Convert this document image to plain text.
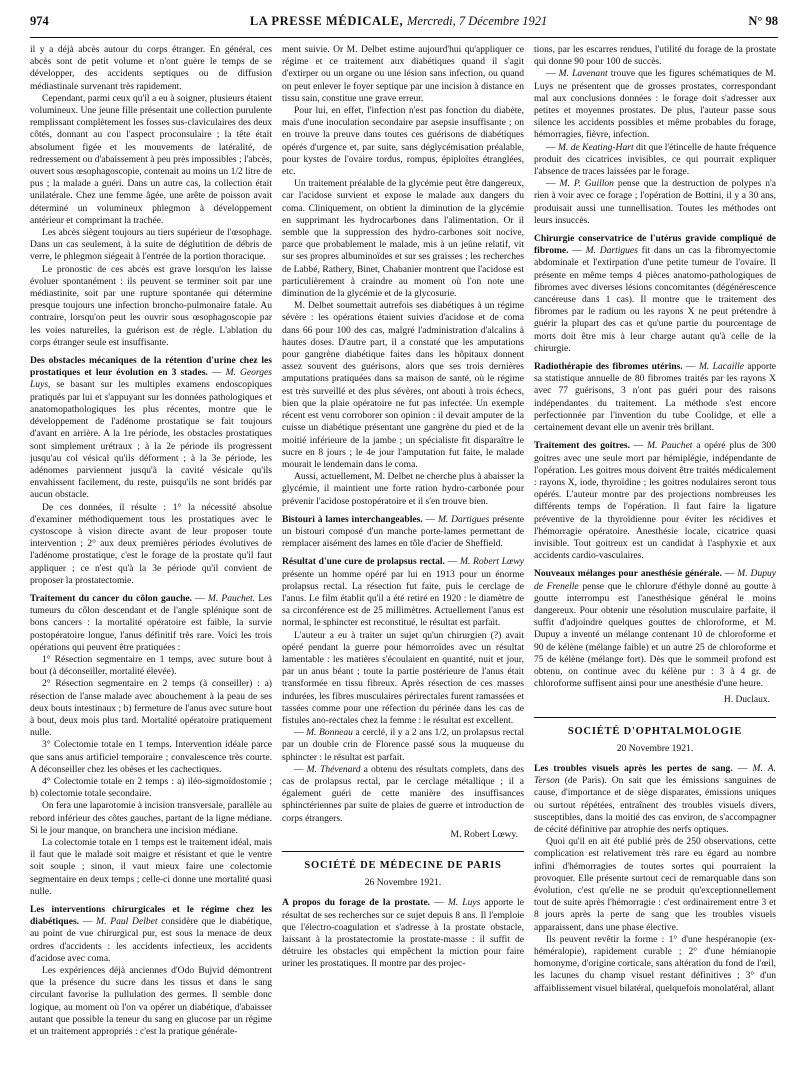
974	LA PRESSE MÉDICALE, Mercredi, 7 Décembre 1921	N° 98

il y a déjà abcès autour du corps étranger. En général, ces abcès sont de petit volume et n'ont guère le temps de se développer, des accidents septiques ou de diffusion médiastinale survenant très rapidement.

Cependant, parmi ceux qu'il a eu à soigner, plusieurs étaient volumineux. Une jeune fille présentait une collection purulente remplissant complètement les fosses sus-claviculaires des deux côtés, donnant au cou l'aspect proconsulaire ; la tête était absolument figée et les mouvements de latéralité, de redressement ou d'abaissement à peu près impossibles ; l'abcès, ouvert sous œsophagoscopie, contenait au moins un 1/2 litre de pus ; la malade a guéri. Dans un autre cas, la collection était unilatérale. Chez une femme âgée, une arête de poisson avait déterminé un volumineux phlegmon à développement antérieur et comprimant la trachée.

Les abcès siègent toujours au tiers supérieur de l'œsophage. Dans un cas seulement, à la suite de déglutition de débris de verre, le phlegmon siégeait à l'entrée de la portion thoracique.

Le pronostic de ces abcès est grave lorsqu'on les laisse évoluer spontanément : ils peuvent se terminer soit par une médiastinite, soit par une rupture spontanée qui détermine presque toujours une infection broncho-pulmonaire fatale. Au contraire, lorsqu'on peut les ouvrir sous œsophagoscopie par les voies naturelles, la guérison est de règle. L'ablation du corps étranger seule est insuffisante.

Des obstacles mécaniques de la rétention d'urine chez les prostatiques et leur évolution en 3 stades. — M. Georges Luys, se basant sur les multiples examens endoscopiques pratiqués par lui et s'appuyant sur les données pathologiques et anatomopathologiques les plus récentes, montre que le développement de l'adénome prostatique se fait toujours d'avant en arrière. A la 1re période, les obstacles prostatiques sont simplement urétraux ; à la 2e période ils progressent jusqu'au col vésical qu'ils déforment ; à la 3e période, les adénomes parviennent jusqu'à la cavité vésicale qu'ils envahissent facilement, du reste, puisqu'ils ne sont bridés par aucun obstacle.

De ces données, il résulte : 1° la nécessité absolue d'examiner méthodiquement tous les prostatiques avec le cystoscope à vision directe avant de leur proposer toute intervention ; 2° aux deux premières périodes évolutives de l'adénome prostatique, c'est le forage de la prostate qu'il faut appliquer ; ce n'est qu'à la 3e période qu'il convient de proposer la prostatectomie.

Traitement du cancer du côlon gauche. — M. Pauchet. Les tumeurs du côlon descendant et de l'angle splénique sont de bons cancers : la mortalité opératoire est faible, la survie postopératoire longue, l'anus définitif très rare. Voici les trois opérations qui peuvent être pratiquées :

1° Résection segmentaire en 1 temps, avec suture bout à bout (à déconseiller, mortalité élevée).

2° Résection segmentaire en 2 temps (à conseiller) : a) résection de l'anse malade avec abouchement à la peau de ses deux bouts intestinaux ; b) fermeture de l'anus avec suture bout à bout, deux mois plus tard. Mortalité opératoire pratiquement nulle.

3° Colectomie totale en 1 temps. Intervention idéale parce que sans anus artificiel temporaire ; convalescence très courte. A déconseiller chez les obèses et les cachectiques.

4° Colectomie totale en 2 temps : a) iléo-sigmoïdostomie ; b) colectomie totale secondaire.

On fera une laparotomie à incision transversale, parallèle au rebord inférieur des côtes gauches, partant de la ligne médiane. Si le jour manque, on branchera une incision médiane.

La colectomie totale en 1 temps est le traitement idéal, mais il faut que le malade soit maigre et résistant et que le ventre soit souple ; sinon, il vaut mieux faire une colectomie segmentaire en deux temps ; celle-ci donne une mortalité quasi nulle.

Les interventions chirurgicales et le régime chez les diabétiques. — M. Paul Delbet considère que le diabétique, au point de vue chirurgical pur, est sous la menace de deux ordres d'accidents : les accidents infectieux, les accidents d'acidose avec coma.

Les expériences déjà anciennes d'Odo Bujvid démontrent que la présence du sucre dans les tissus et dans le sang circulant favorise la pullulation des germes. Il semble donc logique, au moment où l'on va opérer un diabétique, d'abaisser autant que possible la teneur du sang en glucose par un régime et un traitement appropriés : c'est la pratique générale-

ment suivie. Or M. Delbet estime aujourd'hui qu'appliquer ce régime et ce traitement aux diabétiques quand il s'agit d'extirper ou un organe ou une lésion sans infection, ou quand on peut enlever le foyer septique par une incision à distance en tissu sain, constitue une grave erreur.

Pour lui, en effet, l'infection n'est pas fonction du diabète, mais d'une inoculation secondaire par asepsie insuffisante ; on en trouve la preuve dans toutes ces guérisons de diabétiques opérés d'urgence et, par suite, sans déglycémisation préalable, pour kystes de l'ovaire tordus, rompus, épiploïtes étranglées, etc.

Un traitement préalable de la glycémie peut être dangereux, car l'acidose survient et expose le malade aux dangers du coma. Cliniquement, on obtient la diminution de la glycémie en supprimant les hydrocarbones dans l'alimentation. Or il semble que la suppression des hydro-carbones soit nocive, parce que probablement le malade, mis à un jeûne relatif, vit sur ses propres albuminoïdes et sur ses graisses ; les recherches de Labbé, Rathery, Binet, Chabanier montrent que l'acidose est particulièrement à craindre au moment où l'on note une diminution de la glycémie et de la glycosurie.

M. Delbet soumettait autrefois ses diabétiques à un régime sévère : les opérations étaient suivies d'acidose et de coma dans 66 pour 100 des cas, malgré l'administration d'alcalins à hautes doses. D'autre part, il a constaté que les amputations pour gangrène diabétique faites dans les hôpitaux donnent assez souvent des guérisons, alors que ses trois dernières amputations pratiquées dans sa maison de santé, où le régime est très surveillé et des plus sévères, ont abouti à trois échecs, bien que la plaie opératoire ne fut pas infectée. Un exemple récent est venu corroborer son opinion : il devait amputer de la cuisse un diabétique présentant une gangrène du pied et de la moitié inférieure de la jambe ; un spécialiste fit disparaître le sucre en 8 jours ; le 4e jour l'amputation fut faite, le malade mourait le lendemain dans le coma.

Aussi, actuellement, M. Delbet ne cherche plus à abaisser la glycémie, il maintient une forte ration hydro-carbonée pour prévenir l'acidose postopératoire et il s'en trouve bien.

Bistouri à lames interchangeables. — M. Dartigues présente un bistouri composé d'un manche porte-lames permettant de remplacer aisément des lames en tôle d'acier de Sheffield.

Résultat d'une cure de prolapsus rectal. — M. Robert Lœwy présente un homme opéré par lui en 1913 pour un énorme prolapsus rectal. La résection fut faite, puis le cerclage de l'anus. Le film établit qu'il a été retiré en 1920 : le diamètre de sa circonférence est de 25 millimètres. Actuellement l'anus est normal, le sphincter est reconstitué, le résultat est parfait.

L'auteur a eu à traiter un sujet qu'un chirurgien (?) avait opéré pendant la guerre pour hémorroïdes avec un résultat lamentable : les matières s'écoulaient en quantité, nuit et jour, par un anus béant ; toute la partie postérieure de l'anus était transformée en tissu fibreux. Après résection de ces masses indurées, les fibres musculaires périrectales furent ramassées et tassées comme pour une réfection du périnée dans les cas de fistules ano-rectales chez la femme : le résultat est excellent.

— M. Bonneau a cerclé, il y a 2 ans 1/2, un prolapsus rectal par un double crin de Florence passé sous la muqueuse du sphincter : le résultat est parfait.

— M. Thévenard a obtenu des résultats complets, dans des cas de prolapsus rectal, par le cerclage métallique ; il a également guéri de cette manière des insuffisances sphinctériennes par suite de plaies de guerre et introduction de corps étrangers.

M. Robert Lœwy.
SOCIÉTÉ DE MÉDECINE DE PARIS
26 Novembre 1921.

A propos du forage de la prostate. — M. Luys apporte le résultat de ses recherches sur ce sujet depuis 8 ans. Il l'emploie que l'électro-coagulation et s'adresse à la prostate obstacle, laissant à la prostatectomie la prostate-masse : il suffit de détruire les obstacles qui empêchent la miction pour faire uriner les prostatiques. Il montre par des projec-

tions, par les escarres rendues, l'utilité du forage de la prostate qui donne 90 pour 100 de succès.

— M. Lavenant trouve que les figures schématiques de M. Luys ne présentent que de grosses prostates, correspondant mal aux conclusions données : le forage doit s'adresser aux petites et moyennes prostates. De plus, l'auteur passe sous silence les accidents possibles et même probables du forage, hémorragies, fièvre, infection.

— M. de Keating-Hart dit que l'étincelle de haute fréquence produit des cicatrices invisibles, ce qui pourrait expliquer l'absence de traces laissées par le forage.

— M. P. Guillon pense que la destruction de polypes n'a rien à voir avec ce forage ; l'opération de Bottini, il y a 30 ans, produisait aussi une tunnellisation. Toutes les méthodes ont leurs insuccès.

Chirurgie conservatrice de l'utérus gravide compliqué de fibrome. — M. Dartigues fit dans un cas la fibromyectomie abdominale et l'extirpation d'une petite tumeur de l'ovaire. Il présente en même temps 4 pièces anatomo-pathologiques de fibromes avec diverses lésions concomitantes (dégénérescence cancéreuse dans 1 cas). Il montre que le traitement des fibromes par le radium ou les rayons X ne peut prétendre à guérir la plupart des cas et qu'une partie du pourcentage de morts doit être mis à leur charge autant qu'à celle de la chirurgie.

Radiothérapie des fibromes utérins. — M. Lacaille apporte sa statistique annuelle de 80 fibromes traités par les rayons X avec 77 guérisons, 3 n'ont pas guéri pour des raisons indépendantes du traitement. La méthode s'est encore perfectionnée par l'invention du tube Coolidge, et elle a certainement devant elle un avenir très brillant.

Traitement des goitres. — M. Pauchet a opéré plus de 300 goitres avec une seule mort par hémiplégie, indépendante de l'opération. Les goitres mous doivent être traités médicalement : rayons X, iode, thyroïdine ; les goitres nodulaires seront tous opérés. L'auteur montre par des projections nombreuses les différents temps de l'opération. Il faut faire la ligature préventive de la thyroïdienne pour éviter les récidives et l'hémorragie opératoire. Anesthésie locale, cicatrice quasi invisible. Tout goitreux est un candidat à l'asphyxie et aux accidents cardio-vasculaires.

Nouveaux mélanges pour anesthésie générale. — M. Dupuy de Frenelle pense que le chlorure d'éthyle donné au goutte à goutte interrompu est l'anesthésique général le moins dangereux. Pour obtenir une résolution musculaire parfaite, il suffit d'adjoindre quelques gouttes de chloroforme, et M. Dupuy a inventé un mélange contenant 10 de chloroforme et 90 de kélène (mélange faible) et un autre 25 de chloroforme et 75 de kélène (mélange fort). Dès que le sommeil profond est obtenu, on continue avec du kélène pur : 3 à 4 gr. de chloroforme suffisent ainsi pour une anesthésie d'une heure.

H. Duclaux.
SOCIÉTÉ D'OPHTALMOLOGIE
20 Novembre 1921.

Les troubles visuels après les pertes de sang. — M. A. Terson (de Paris). On sait que les émissions sanguines de cause, d'importance et de siège disparates, émissions uniques ou surtout répétées, entraînent des troubles visuels divers, susceptibles, dans la moitié des cas environ, de s'accompagner de cécité définitive par atrophie des nerfs optiques.

Quoi qu'il en ait été publié près de 250 observations, cette complication est relativement très rare eu égard au nombre infini d'hémorragies de toutes sortes qui pourraient la provoquer. Elle présente surtout ceci de remarquable dans son évolution, c'est qu'elle ne se produit qu'exceptionnellement tout de suite après l'hémorragie : c'est ordinairement entre 3 et 8 jours après la perte de sang que les troubles visuels apparaissent, dans une phase élective.

Ils peuvent revêtir la forme : 1° d'une hespéranopie (ex-héméralopie), rapidement curable ; 2° d'une hémianopie homonyme, d'origine corticale, sans altération du fond de l'œil, les lacunes du champ visuel restant définitives ; 3° d'un affaiblissement visuel bilatéral, quelquefois monolatéral, allant
